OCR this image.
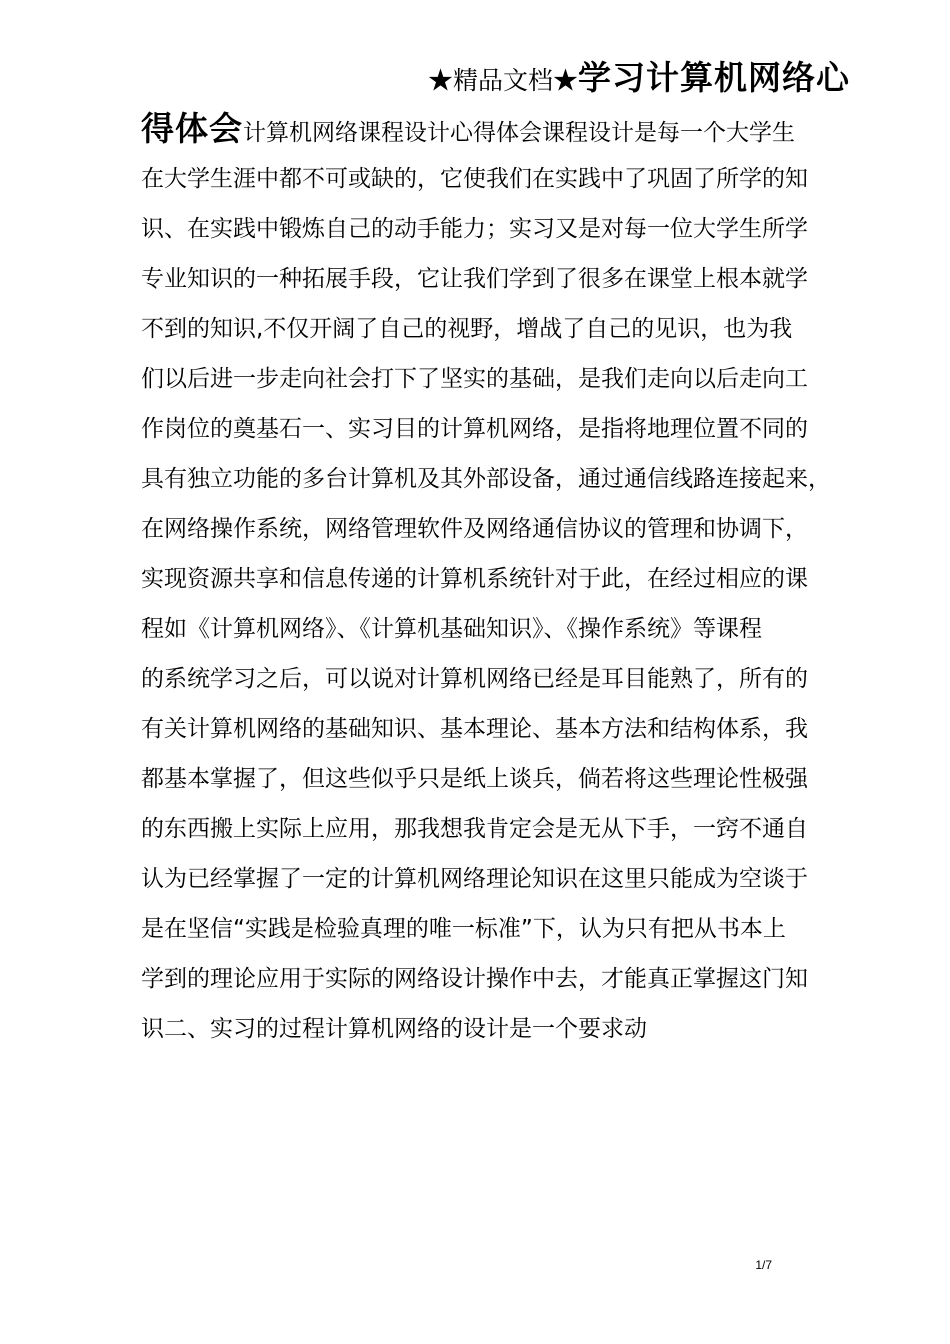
★精品文档★ 学习计算机网络心
得体会计算机网络课程设计心得体会课程设计是每一个大学生
在大学生涯中都不可或缺的，它使我们在实践中了巩固了所学的知
识、在实践中锻炼自己的动手能力；实习又是对每一位大学生所学
专业知识的一种拓展手段，它让我们学到了很多在课堂上根本就学
不到的知识,不仅开阔了自己的视野，增战了自己的见识，也为我
们以后进一步走向社会打下了坚实的基础，是我们走向以后走向工
作岗位的奠基石一、实习目的计算机网络，是指将地理位置不同的
具有独立功能的多台计算机及其外部设备，通过通信线路连接起来，
在网络操作系统，网络管理软件及网络通信协议的管理和协调下，
实现资源共享和信息传递的计算机系统针对于此，在经过相应的课
程如《计算机网络》、《计算机基础知识》、《操作系统》等课程
的系统学习之后，可以说对计算机网络已经是耳目能熟了，所有的
有关计算机网络的基础知识、基本理论、基本方法和结构体系，我
都基本掌握了，但这些似乎只是纸上谈兵，倘若将这些理论性极强
的东西搬上实际上应用，那我想我肯定会是无从下手，一窍不通自
认为已经掌握了一定的计算机网络理论知识在这里只能成为空谈于
是在坚信“实践是检验真理的唯一标准”下，认为只有把从书本上
学到的理论应用于实际的网络设计操作中去，才能真正掌握这门知
识二、实习的过程计算机网络的设计是一个要求动
1/7
